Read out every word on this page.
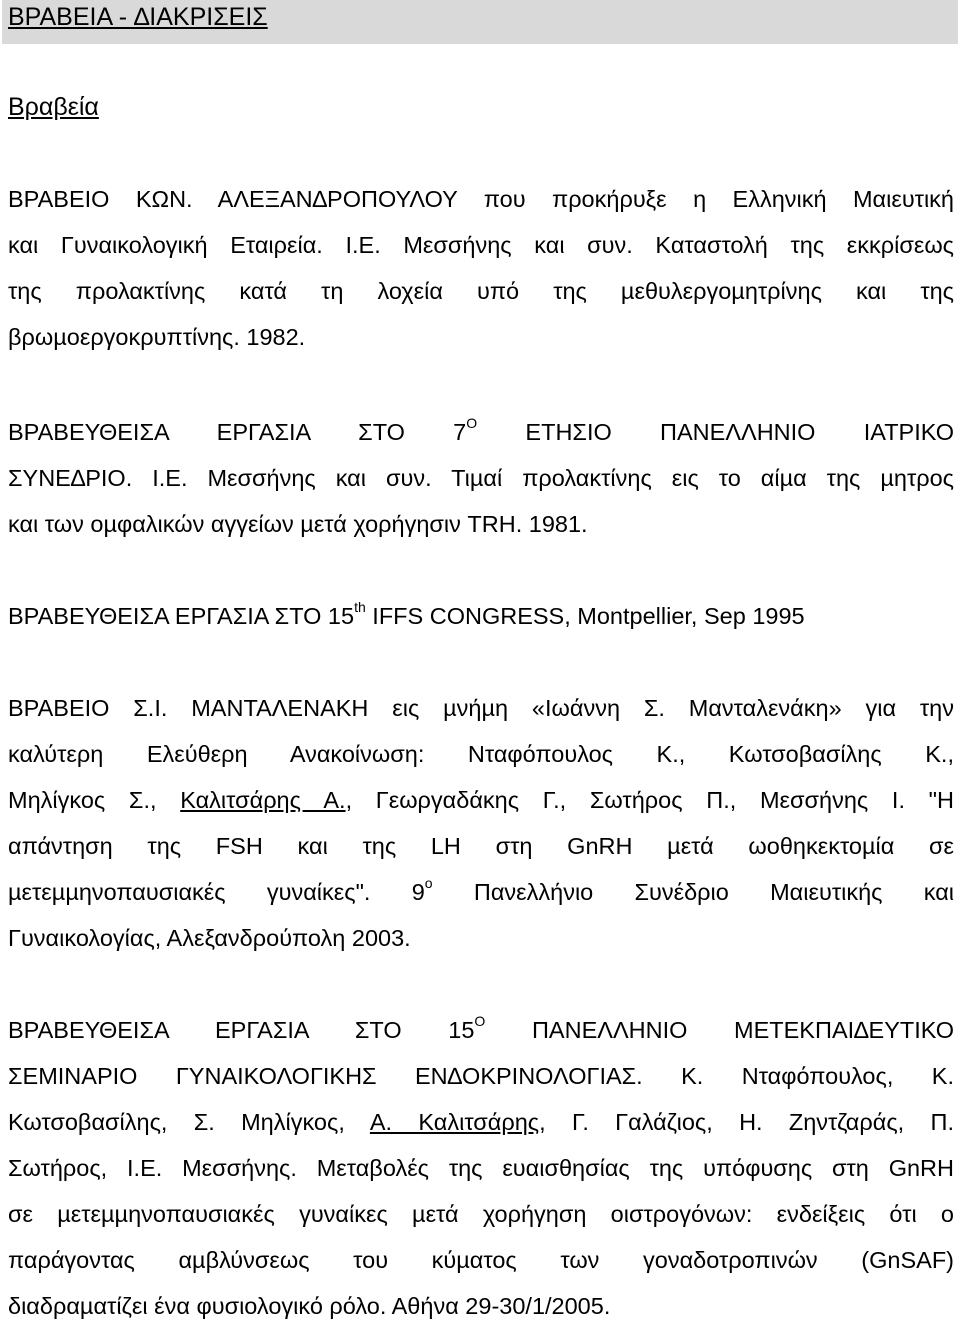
ΒΡΑΒΕΙΑ - ∆ΙΑΚΡΙΣΕΙΣ
Βραβεία
ΒΡΑΒΕΙΟ ΚΩΝ. ΑΛΕΞΑΝ∆ΡΟΠΟΥΛΟΥ που προκήρυξε η Ελληνική Μαιευτική
και Γυναικολογική Εταιρεία. Ι.Ε. Μεσσήνης και συν. Καταστολή της εκκρίσεως
της προλακτίνης κατά τη λοχεία υπό της µεθυλεργοµητρίνης και της
βρωµοεργοκρυπτίνης. 1982.
ΒΡΑΒΕΥΘΕΙΣΑ ΕΡΓΑΣΙΑ ΣΤΟ $7^O$ ΕΤΗΣΙΟ ΠΑΝΕΛΛΗΝΙΟ ΙΑΤΡΙΚΟ
ΣΥΝΕ∆ΡΙΟ. Ι.Ε. Μεσσήνης και συν. Τιµαί προλακτίνης εις το αίµα της µητρος
και των οµφαλικών αγγείων µετά χορήγησιν TRH. 1981.
ΒΡΑΒΕΥΘΕΙΣΑ ΕΡΓΑΣΙΑ ΣΤΟ 15th IFFS CONGRESS, Montpellier, Sep 1995
ΒΡΑΒΕΙΟ Σ.Ι. ΜΑΝΤΑΛΕΝΑΚΗ εις µνήµη «Ιωάννη Σ. Μανταλενάκη» για την
καλύτερη Ελεύθερη Ανακοίνωση: Νταφόπουλος Κ., Κωτσοβασίλης Κ.,
Μηλίγκος Σ., Καλιτσάρης Α., Γεωργαδάκης Γ., Σωτήρος Π., Μεσσήνης Ι. "Η
απάντηση της FSH και της LH στη GnRH µετά ωοθηκεκτοµία σε
µετεµµηνοπαυσιακές γυναίκες". $9^o$ Πανελλήνιο Συνέδριο Μαιευτικής και
Γυναικολογίας, Αλεξανδρούπολη 2003.
ΒΡΑΒΕΥΘΕΙΣΑ ΕΡΓΑΣΙΑ ΣΤΟ $15^O$ ΠΑΝΕΛΛΗΝΙΟ ΜΕΤΕΚΠΑΙ∆ΕΥΤΙΚΟ
ΣΕΜΙΝΑΡΙΟ ΓΥΝΑΙΚΟΛΟΓΙΚΗΣ ΕΝ∆ΟΚΡΙΝΟΛΟΓΙΑΣ. Κ. Νταφόπουλος, Κ.
Κωτσοβασίλης, Σ. Μηλίγκος, Α. Καλιτσάρης, Γ. Γαλάζιος, Η. Ζηντζαράς, Π.
Σωτήρος, Ι.Ε. Μεσσήνης. Μεταβολές της ευαισθησίας της υπόφυσης στη GnRH
σε µετεµµηνοπαυσιακές γυναίκες µετά χορήγηση οιστρογόνων: ενδείξεις ότι ο
παράγοντας αµβλύνσεως του κύµατος των γοναδοτροπινών (GnSAF)
διαδραµατίζει ένα φυσιολογικό ρόλο. Αθήνα 29-30/1/2005.
